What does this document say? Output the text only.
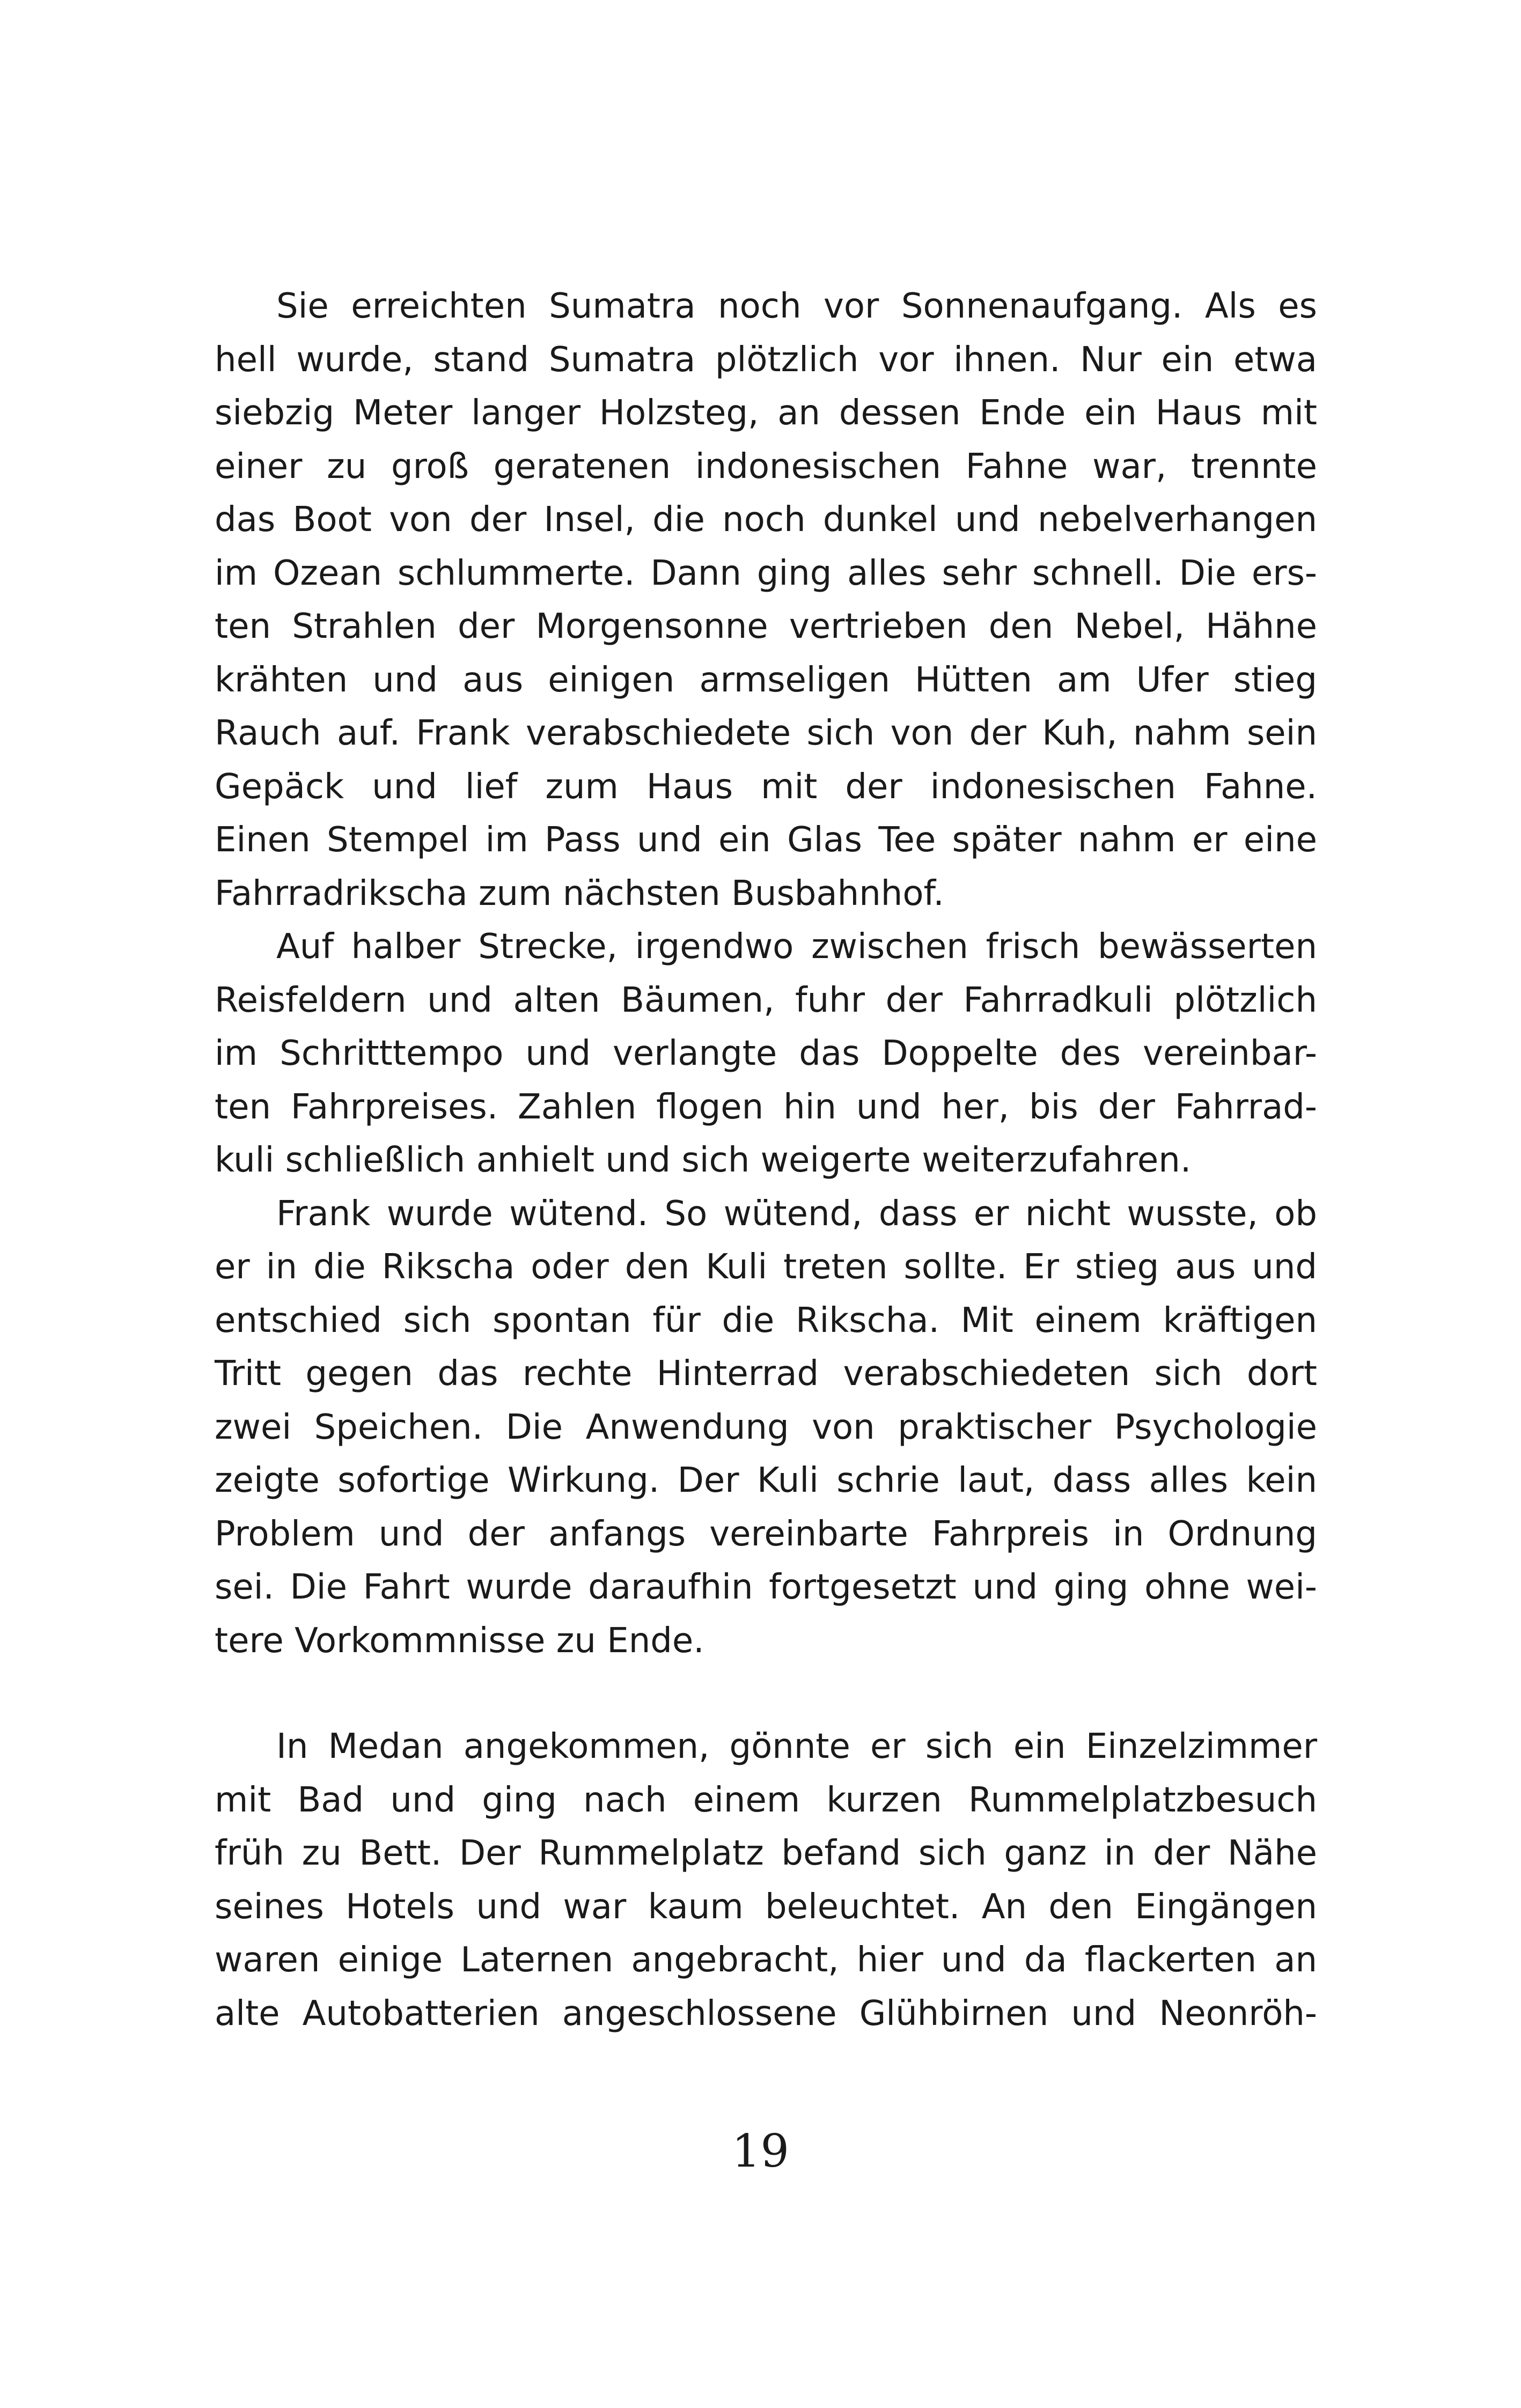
Sie erreichten Sumatra noch vor Sonnenaufgang. Als es
hell wurde, stand Sumatra plötzlich vor ihnen. Nur ein etwa
siebzig Meter langer Holzsteg, an dessen Ende ein Haus mit
einer zu groß geratenen indonesischen Fahne war, trennte
das Boot von der Insel, die noch dunkel und nebelverhangen
im Ozean schlummerte. Dann ging alles sehr schnell. Die ers-
ten Strahlen der Morgensonne vertrieben den Nebel, Hähne
krähten und aus einigen armseligen Hütten am Ufer stieg
Rauch auf. Frank verabschiedete sich von der Kuh, nahm sein
Gepäck und lief zum Haus mit der indonesischen Fahne.
Einen Stempel im Pass und ein Glas Tee später nahm er eine
Fahrradrikscha zum nächsten Busbahnhof.
Auf halber Strecke, irgendwo zwischen frisch bewässerten
Reisfeldern und alten Bäumen, fuhr der Fahrradkuli plötzlich
im Schritttempo und verlangte das Doppelte des vereinbar-
ten Fahrpreises. Zahlen flogen hin und her, bis der Fahrrad-
kuli schließlich anhielt und sich weigerte weiterzufahren.
Frank wurde wütend. So wütend, dass er nicht wusste, ob
er in die Rikscha oder den Kuli treten sollte. Er stieg aus und
entschied sich spontan für die Rikscha. Mit einem kräftigen
Tritt gegen das rechte Hinterrad verabschiedeten sich dort
zwei Speichen. Die Anwendung von praktischer Psychologie
zeigte sofortige Wirkung. Der Kuli schrie laut, dass alles kein
Problem und der anfangs vereinbarte Fahrpreis in Ordnung
sei. Die Fahrt wurde daraufhin fortgesetzt und ging ohne wei-
tere Vorkommnisse zu Ende.
In Medan angekommen, gönnte er sich ein Einzelzimmer
mit Bad und ging nach einem kurzen Rummelplatzbesuch
früh zu Bett. Der Rummelplatz befand sich ganz in der Nähe
seines Hotels und war kaum beleuchtet. An den Eingängen
waren einige Laternen angebracht, hier und da flackerten an
alte Autobatterien angeschlossene Glühbirnen und Neonröh-
19
